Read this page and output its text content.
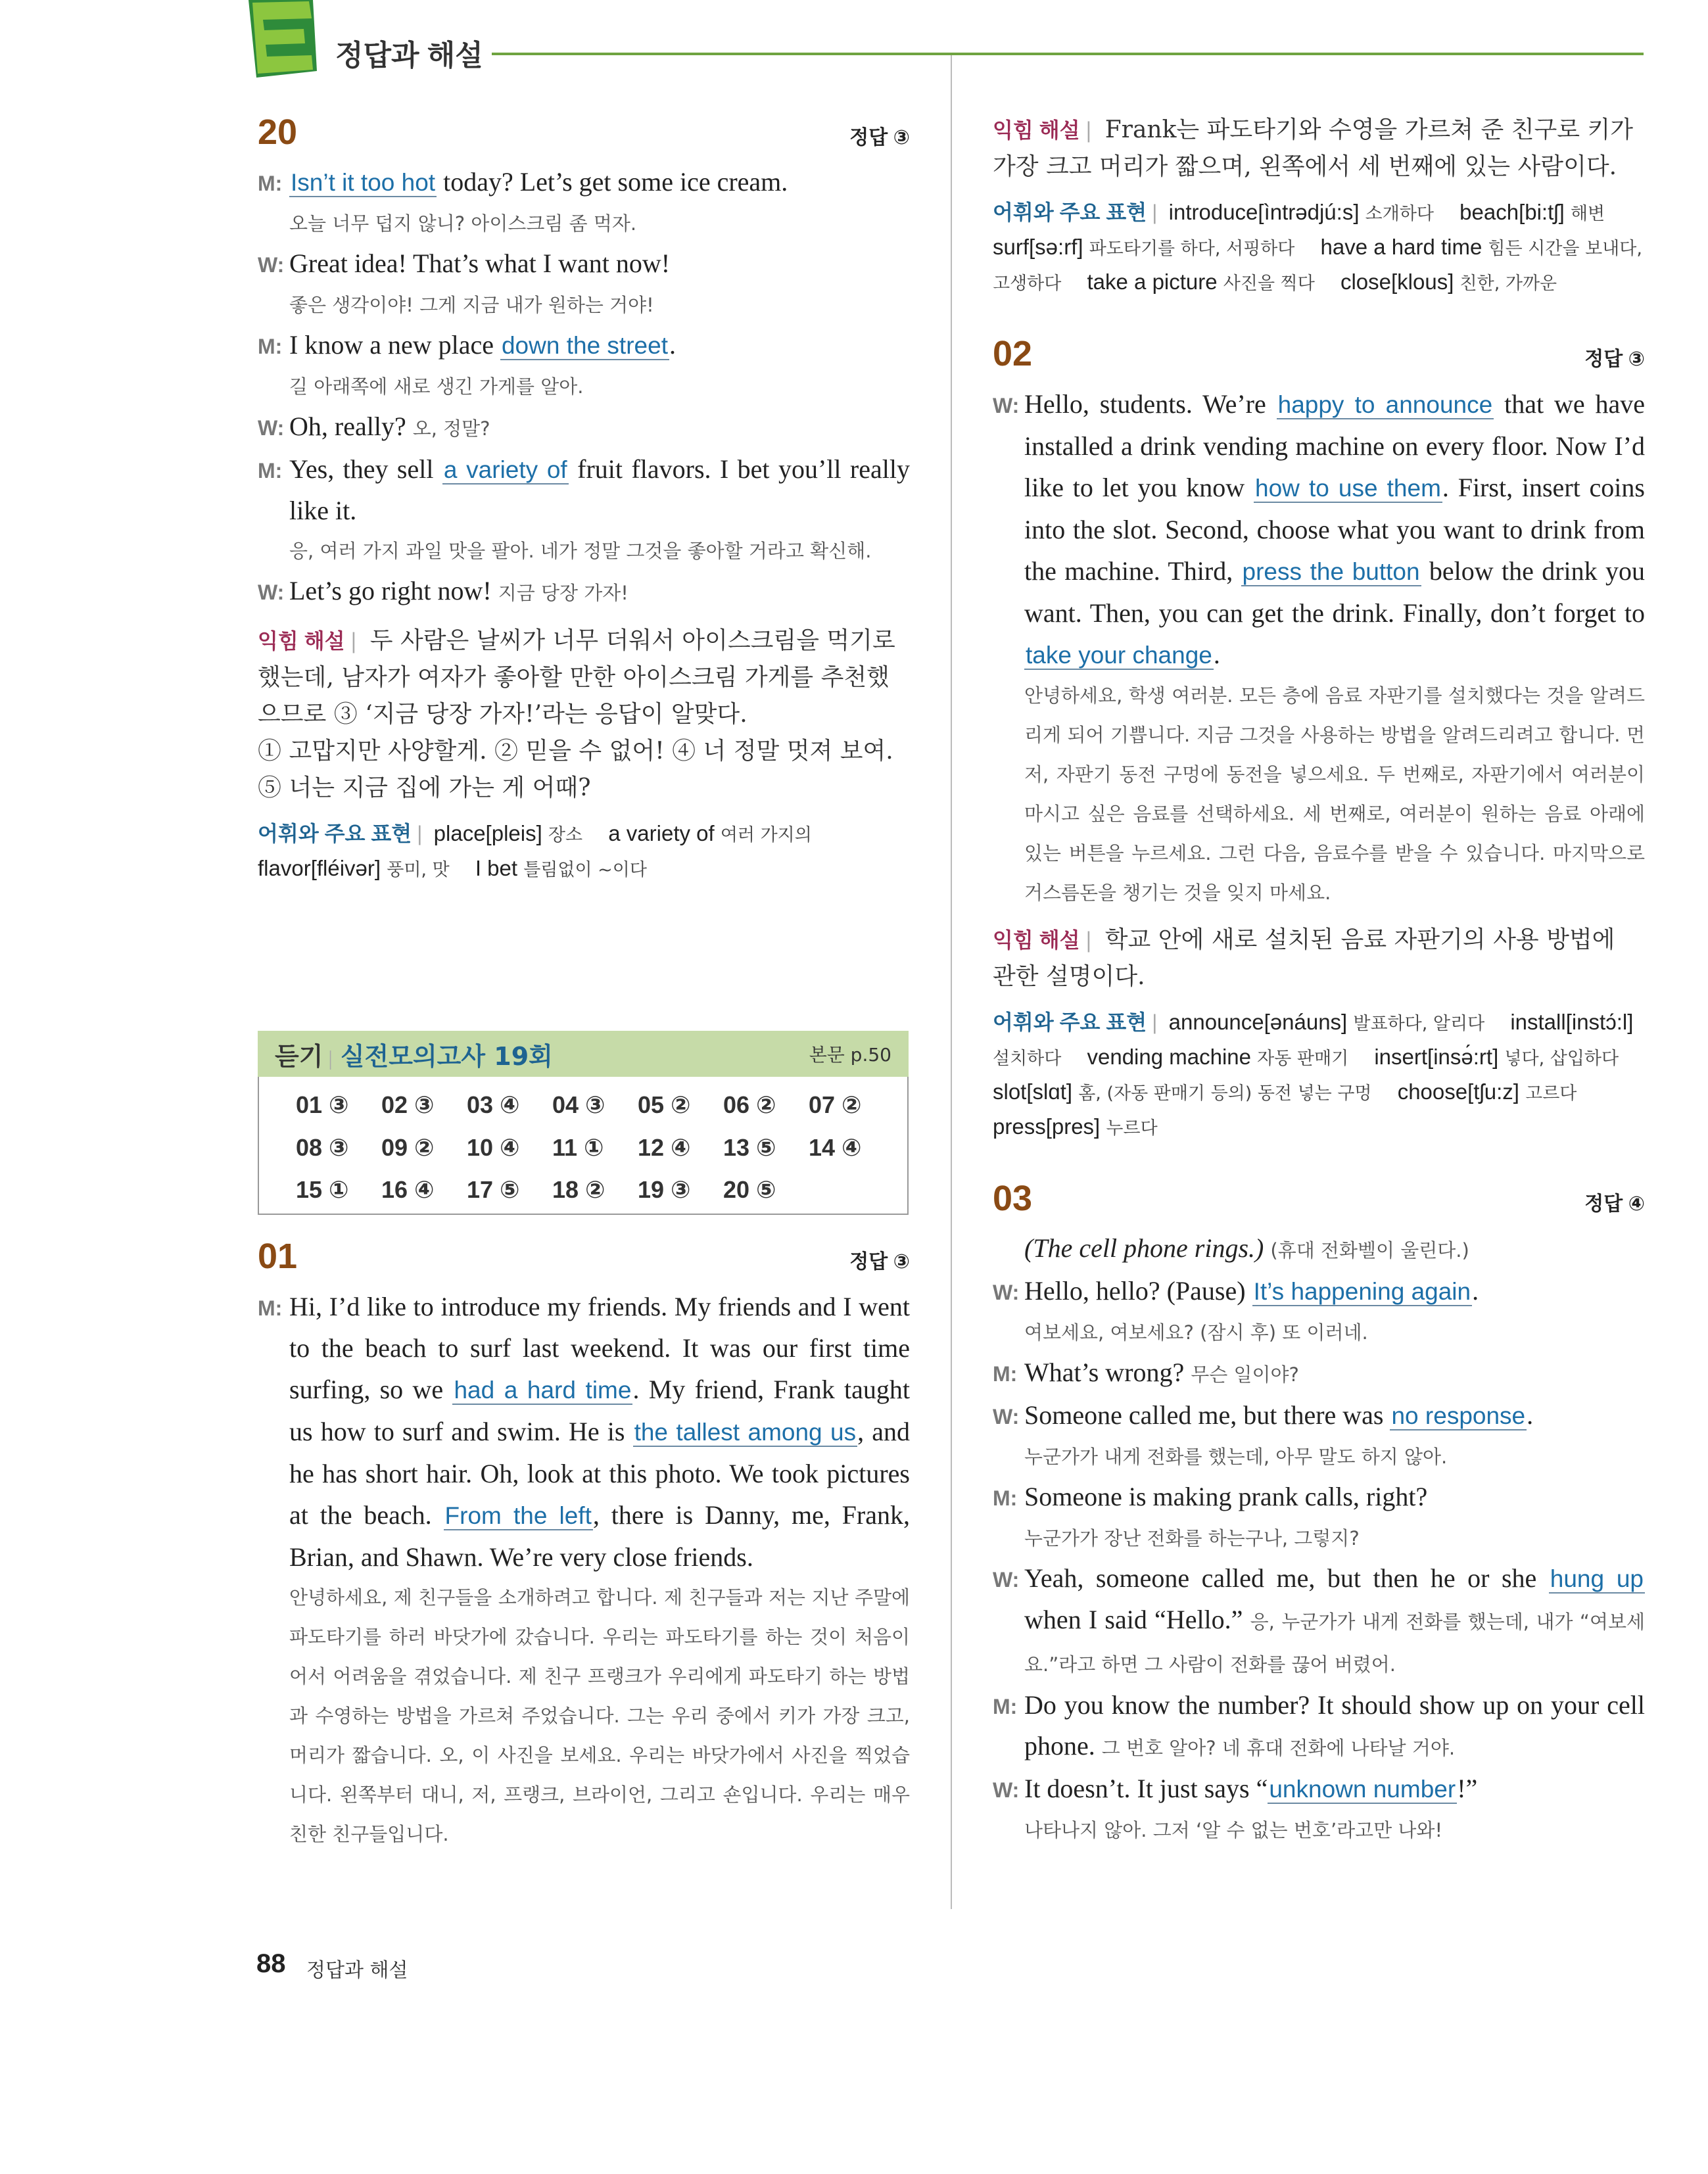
정답과 해설
20	정답 ③
M: Isn’t it too hot today? Let’s get some ice cream.
오늘 너무 덥지 않니? 아이스크림 좀 먹자.
W: Great idea! That’s what I want now!
좋은 생각이야! 그게 지금 내가 원하는 거야!
M: I know a new place down the street.
길 아래쪽에 새로 생긴 가게를 알아.
W: Oh, really? 오, 정말?
M: Yes, they sell a variety of fruit flavors. I bet you’ll really like it.
응, 여러 가지 과일 맛을 팔아. 네가 정말 그것을 좋아할 거라고 확신해.
W: Let’s go right now! 지금 당장 가자!
익힘 해설 | 두 사람은 날씨가 너무 더워서 아이스크림을 먹기로 했는데, 남자가 여자가 좋아할 만한 아이스크림 가게를 추천했으므로 ③ ‘지금 당장 가자!’라는 응답이 알맞다.
① 고맙지만 사양할게. ② 믿을 수 없어! ④ 너 정말 멋져 보여.
⑤ 너는 지금 집에 가는 게 어때?
어휘와 주요 표현 | place[pleis] 장소 a variety of 여러 가지의 flavor[fléivər] 풍미, 맛 I bet 틀림없이 ~이다
듣기 | 실전모의고사 19회	본문 p.50
01 ③	02 ③	03 ④	04 ③	05 ②	06 ②	07 ②
08 ③	09 ②	10 ④	11 ①	12 ④	13 ⑤	14 ④
15 ①	16 ④	17 ⑤	18 ②	19 ③	20 ⑤
01	정답 ③
M: Hi, I’d like to introduce my friends. My friends and I went to the beach to surf last weekend. It was our first time surfing, so we had a hard time. My friend, Frank taught us how to surf and swim. He is the tallest among us, and he has short hair. Oh, look at this photo. We took pictures at the beach. From the left, there is Danny, me, Frank, Brian, and Shawn. We’re very close friends.
안녕하세요, 제 친구들을 소개하려고 합니다. 제 친구들과 저는 지난 주말에 파도타기를 하러 바닷가에 갔습니다. 우리는 파도타기를 하는 것이 처음이어서 어려움을 겪었습니다. 제 친구 프랭크가 우리에게 파도타기 하는 방법과 수영하는 방법을 가르쳐 주었습니다. 그는 우리 중에서 키가 가장 크고, 머리가 짧습니다. 오, 이 사진을 보세요. 우리는 바닷가에서 사진을 찍었습니다. 왼쪽부터 대니, 저, 프랭크, 브라이언, 그리고 숀입니다. 우리는 매우 친한 친구들입니다.
익힘 해설 | Frank는 파도타기와 수영을 가르쳐 준 친구로 키가 가장 크고 머리가 짧으며, 왼쪽에서 세 번째에 있는 사람이다.
어휘와 주요 표현 | introduce[ìntrədjú:s] 소개하다 beach[bi:tʃ] 해변 surf[sə:rf] 파도타기를 하다, 서핑하다 have a hard time 힘든 시간을 보내다, 고생하다 take a picture 사진을 찍다 close[klous] 친한, 가까운
02	정답 ③
W: Hello, students. We’re happy to announce that we have installed a drink vending machine on every floor. Now I’d like to let you know how to use them. First, insert coins into the slot. Second, choose what you want to drink from the machine. Third, press the button below the drink you want. Then, you can get the drink. Finally, don’t forget to take your change.
안녕하세요, 학생 여러분. 모든 층에 음료 자판기를 설치했다는 것을 알려드리게 되어 기쁩니다. 지금 그것을 사용하는 방법을 알려드리려고 합니다. 먼저, 자판기 동전 구멍에 동전을 넣으세요. 두 번째로, 자판기에서 여러분이 마시고 싶은 음료를 선택하세요. 세 번째로, 여러분이 원하는 음료 아래에 있는 버튼을 누르세요. 그런 다음, 음료수를 받을 수 있습니다. 마지막으로 거스름돈을 챙기는 것을 잊지 마세요.
익힘 해설 | 학교 안에 새로 설치된 음료 자판기의 사용 방법에 관한 설명이다.
어휘와 주요 표현 | announce[ənáuns] 발표하다, 알리다 install[instɔ́:l] 설치하다 vending machine 자동 판매기 insert[insə́:rt] 넣다, 삽입하다 slot[slɑt] 홈, (자동 판매기 등의) 동전 넣는 구멍 choose[tʃu:z] 고르다 press[pres] 누르다
03	정답 ④
(The cell phone rings.) (휴대 전화벨이 울린다.)
W: Hello, hello? (Pause) It’s happening again.
여보세요, 여보세요? (잠시 후) 또 이러네.
M: What’s wrong? 무슨 일이야?
W: Someone called me, but there was no response.
누군가가 내게 전화를 했는데, 아무 말도 하지 않아.
M: Someone is making prank calls, right?
누군가가 장난 전화를 하는구나, 그렇지?
W: Yeah, someone called me, but then he or she hung up when I said “Hello.” 응, 누군가가 내게 전화를 했는데, 내가 “여보세요.”라고 하면 그 사람이 전화를 끊어 버렸어.
M: Do you know the number? It should show up on your cell phone. 그 번호 알아? 네 휴대 전화에 나타날 거야.
W: It doesn’t. It just says “unknown number!”
나타나지 않아. 그저 ‘알 수 없는 번호’라고만 나와!
88 정답과 해설
